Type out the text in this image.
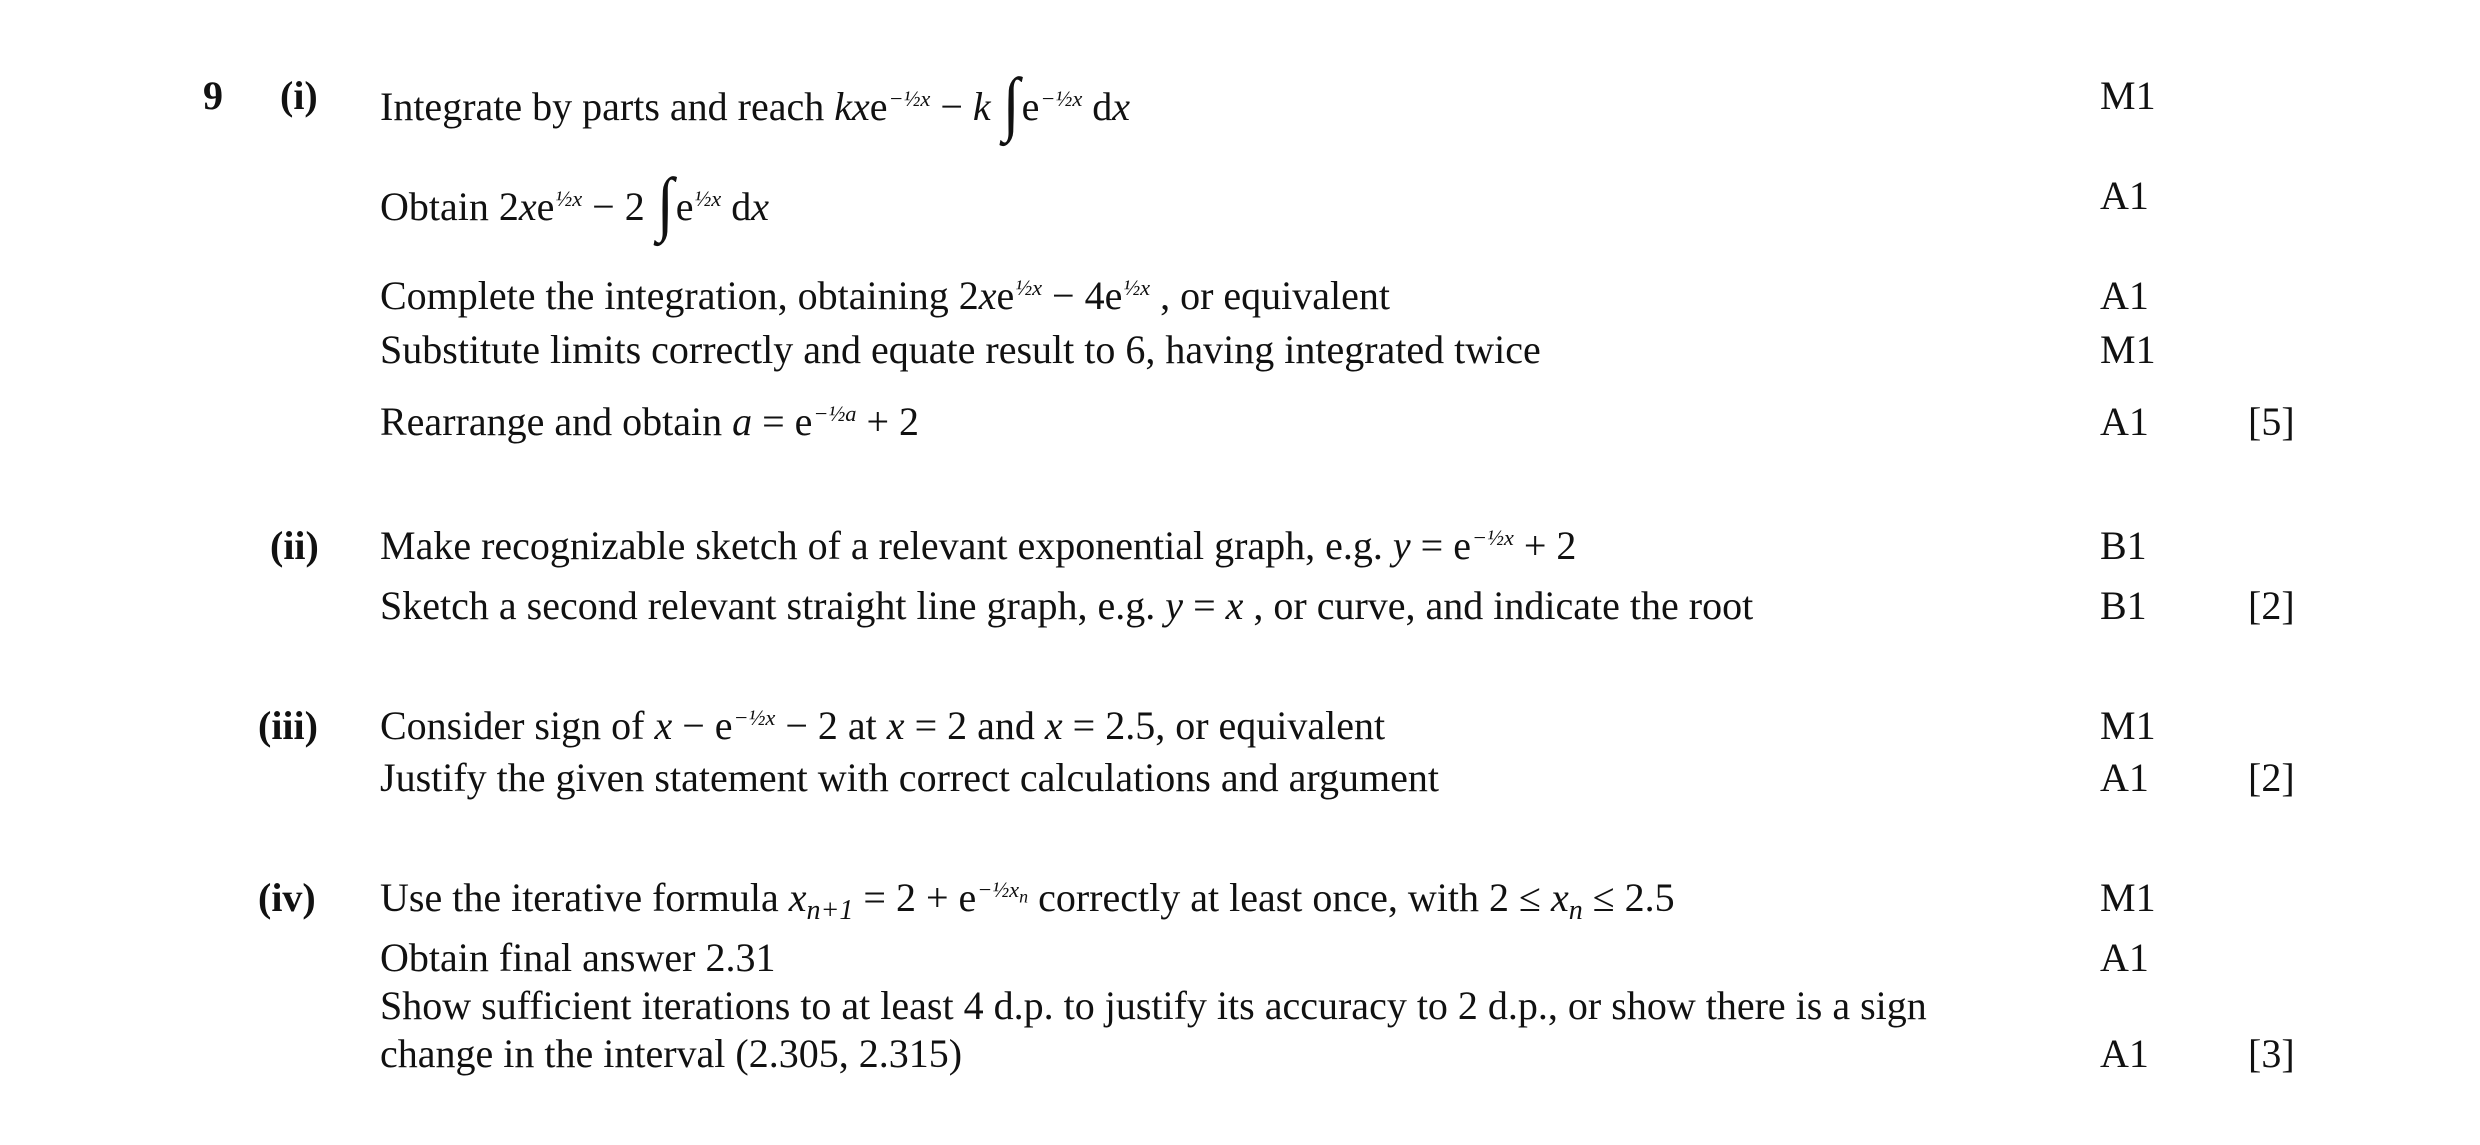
9 (i) Integrate by parts and reach kxe$^{-\frac{1}{2}x}$ − k $\int e^{-\frac{1}{2}x}$ dx	M1
Obtain $2xe^{\frac{1}{2}x} - 2$ $\int e^{\frac{1}{2}x}$ dx	A1
Complete the integration, obtaining $2xe^{\frac{1}{2}x} - 4e^{\frac{1}{2}x}$ , or equivalent	A1
Substitute limits correctly and equate result to 6, having integrated twice	M1
Rearrange and obtain $a = e^{-\frac{1}{2}a} + 2$	A1 [5]
(ii) Make recognizable sketch of a relevant exponential graph, e.g. $y = e^{-\frac{1}{2}x} + 2$	B1
Sketch a second relevant straight line graph, e.g. y = x , or curve, and indicate the root	B1	[2]
(iii) Consider sign of $x - e^{-\frac{1}{2}x} - 2$ at x = 2 and x = 2.5, or equivalent	M1
Justify the given statement with correct calculations and argument	A1 [2]
(iv) Use the iterative formula $x_{n+1} = 2 + e^{-\frac{1}{2}x_n}$ correctly at least once, with $2 \le x_n \le 2.5$	M1
Obtain final answer 2.31	A1
Show sufficient iterations to at least 4 d.p. to justify its accuracy to 2 d.p., or show there is a sign
change in the interval (2.305, 2.315)	A1 [3]
